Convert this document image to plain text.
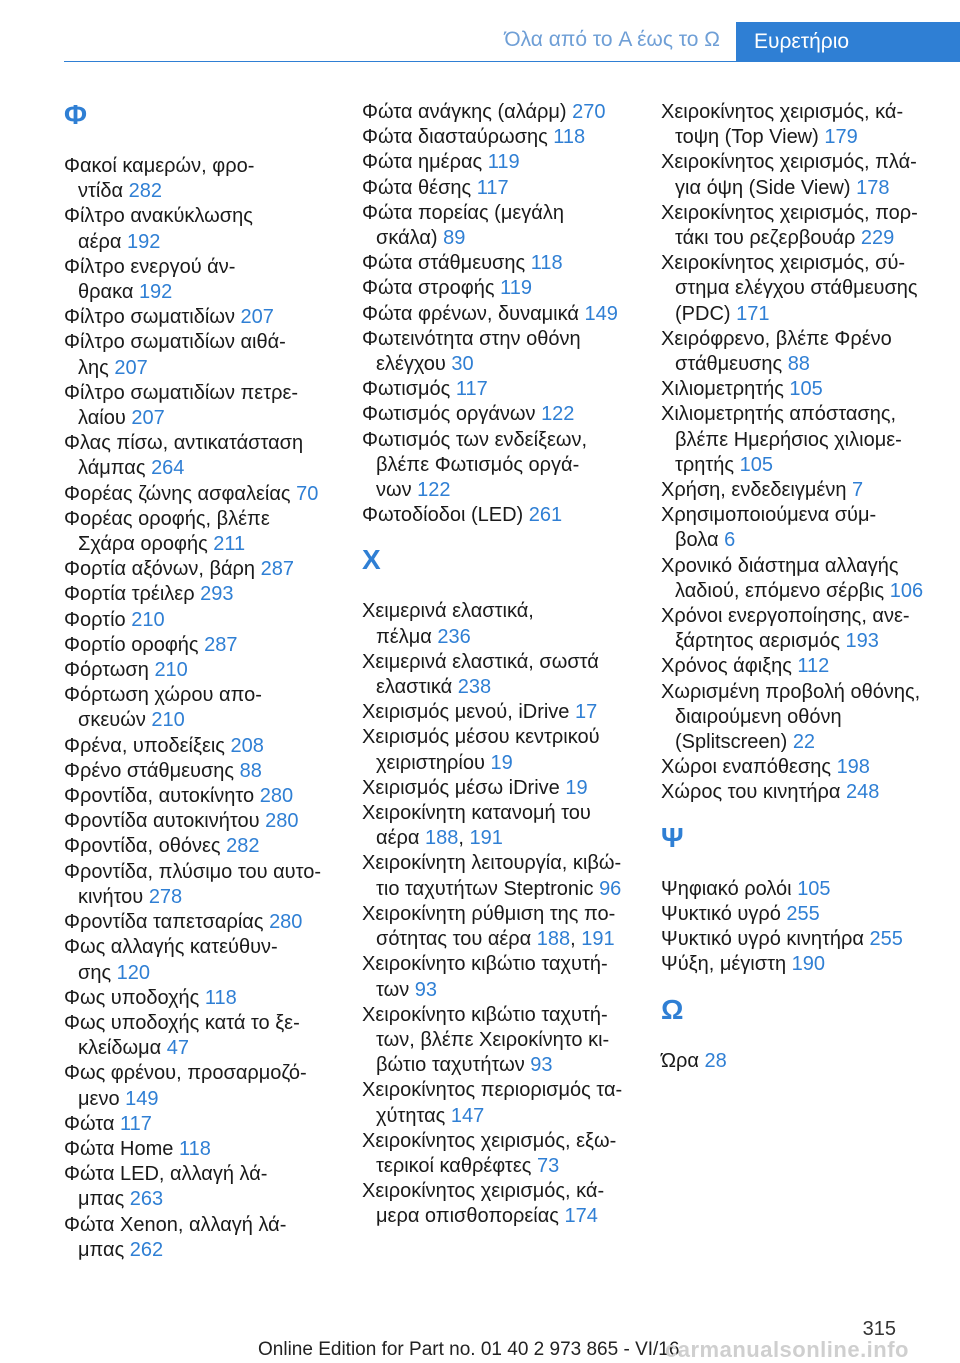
Όλα από το A έως το Ω	Ευρετήριο
Φ
Φακοί καμερών, φρο-
ντίδα 282
Φίλτρο ανακύκλωσης
αέρα 192
Φίλτρο ενεργού άν-
θρακα 192
Φίλτρο σωματιδίων 207
Φίλτρο σωματιδίων αιθά-
λης 207
Φίλτρο σωματιδίων πετρε-
λαίου 207
Φλας πίσω, αντικατάσταση
λάμπας 264
Φορέας ζώνης ασφαλείας 70
Φορέας οροφής, βλέπε
Σχάρα οροφής 211
Φορτία αξόνων, βάρη 287
Φορτία τρέιλερ 293
Φορτίο 210
Φορτίο οροφής 287
Φόρτωση 210
Φόρτωση χώρου απο-
σκευών 210
Φρένα, υποδείξεις 208
Φρένο στάθμευσης 88
Φροντίδα, αυτοκίνητο 280
Φροντίδα αυτοκινήτου 280
Φροντίδα, οθόνες 282
Φροντίδα, πλύσιμο του αυτο-
κινήτου 278
Φροντίδα ταπετσαρίας 280
Φως αλλαγής κατεύθυν-
σης 120
Φως υποδοχής 118
Φως υποδοχής κατά το ξε-
κλείδωμα 47
Φως φρένου, προσαρμοζό-
μενο 149
Φώτα 117
Φώτα Home 118
Φώτα LED, αλλαγή λά-
μπας 263
Φώτα Xenon, αλλαγή λά-
μπας 262
Φώτα ανάγκης (αλάρμ) 270
Φώτα διασταύρωσης 118
Φώτα ημέρας 119
Φώτα θέσης 117
Φώτα πορείας (μεγάλη
σκάλα) 89
Φώτα στάθμευσης 118
Φώτα στροφής 119
Φώτα φρένων, δυναμικά 149
Φωτεινότητα στην οθόνη
ελέγχου 30
Φωτισμός 117
Φωτισμός οργάνων 122
Φωτισμός των ενδείξεων,
βλέπε Φωτισμός οργά-
νων 122
Φωτοδίοδοι (LED) 261
Χ
Χειμερινά ελαστικά,
πέλμα 236
Χειμερινά ελαστικά, σωστά
ελαστικά 238
Χειρισμός μενού, iDrive 17
Χειρισμός μέσου κεντρικού
χειριστηρίου 19
Χειρισμός μέσω iDrive 19
Χειροκίνητη κατανομή του
αέρα 188, 191
Χειροκίνητη λειτουργία, κιβώ-
τιο ταχυτήτων Steptronic 96
Χειροκίνητη ρύθμιση της πο-
σότητας του αέρα 188, 191
Χειροκίνητο κιβώτιο ταχυτή-
των 93
Χειροκίνητο κιβώτιο ταχυτή-
των, βλέπε Χειροκίνητο κι-
βώτιο ταχυτήτων 93
Χειροκίνητος περιορισμός τα-
χύτητας 147
Χειροκίνητος χειρισμός, εξω-
τερικοί καθρέφτες 73
Χειροκίνητος χειρισμός, κά-
μερα οπισθοπορείας 174
Χειροκίνητος χειρισμός, κά-
τοψη (Top View) 179
Χειροκίνητος χειρισμός, πλά-
για όψη (Side View) 178
Χειροκίνητος χειρισμός, πορ-
τάκι του ρεζερβουάρ 229
Χειροκίνητος χειρισμός, σύ-
στημα ελέγχου στάθμευσης
(PDC) 171
Χειρόφρενο, βλέπε Φρένο
στάθμευσης 88
Χιλιομετρητής 105
Χιλιομετρητής απόστασης,
βλέπε Ημερήσιος χιλιομε-
τρητής 105
Χρήση, ενδεδειγμένη 7
Χρησιμοποιούμενα σύμ-
βολα 6
Χρονικό διάστημα αλλαγής
λαδιού, επόμενο σέρβις 106
Χρόνοι ενεργοποίησης, ανε-
ξάρτητος αερισμός 193
Χρόνος άφιξης 112
Χωρισμένη προβολή οθόνης,
διαιρούμενη οθόνη
(Splitscreen) 22
Χώροι εναπόθεσης 198
Χώρος του κινητήρα 248
Ψ
Ψηφιακό ρολόι 105
Ψυκτικό υγρό 255
Ψυκτικό υγρό κινητήρα 255
Ψύξη, μέγιστη 190
Ω
Ώρα 28
315
Online Edition for Part no. 01 40 2 973 865 - VI/16
carmanualsonline.info
